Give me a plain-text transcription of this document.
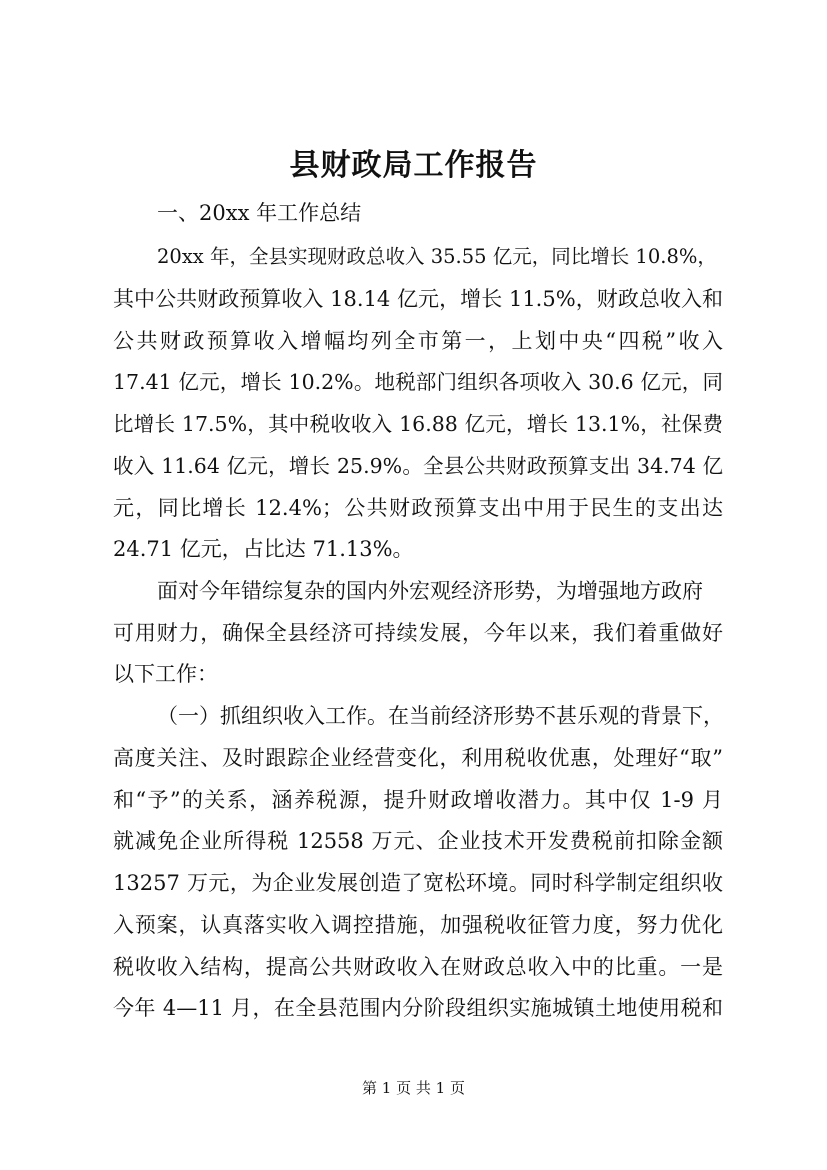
县财政局工作报告

一、20xx 年工作总结

20xx 年，全县实现财政总收入 35.55 亿元，同比增长 10.8%，

其中公共财政预算收入 18.14 亿元，增长 11.5%，财政总收入和

公共财政预算收入增幅均列全市第一，上划中央“四税”收入

17.41 亿元，增长 10.2%。地税部门组织各项收入 30.6 亿元，同

比增长 17.5%，其中税收收入 16.88 亿元，增长 13.1%，社保费

收入 11.64 亿元，增长 25.9%。全县公共财政预算支出 34.74 亿

元，同比增长 12.4%；公共财政预算支出中用于民生的支出达

24.71 亿元，占比达 71.13%。

面对今年错综复杂的国内外宏观经济形势，为增强地方政府

可用财力，确保全县经济可持续发展，今年以来，我们着重做好

以下工作：

（一）抓组织收入工作。在当前经济形势不甚乐观的背景下，

高度关注、及时跟踪企业经营变化，利用税收优惠，处理好“取”

和“予”的关系，涵养税源，提升财政增收潜力。其中仅 1-9 月

就减免企业所得税 12558 万元、企业技术开发费税前扣除金额

13257 万元，为企业发展创造了宽松环境。同时科学制定组织收

入预案，认真落实收入调控措施，加强税收征管力度，努力优化

税收收入结构，提高公共财政收入在财政总收入中的比重。一是

今年 4—11 月，在全县范围内分阶段组织实施城镇土地使用税和

第 1 页 共 1 页
